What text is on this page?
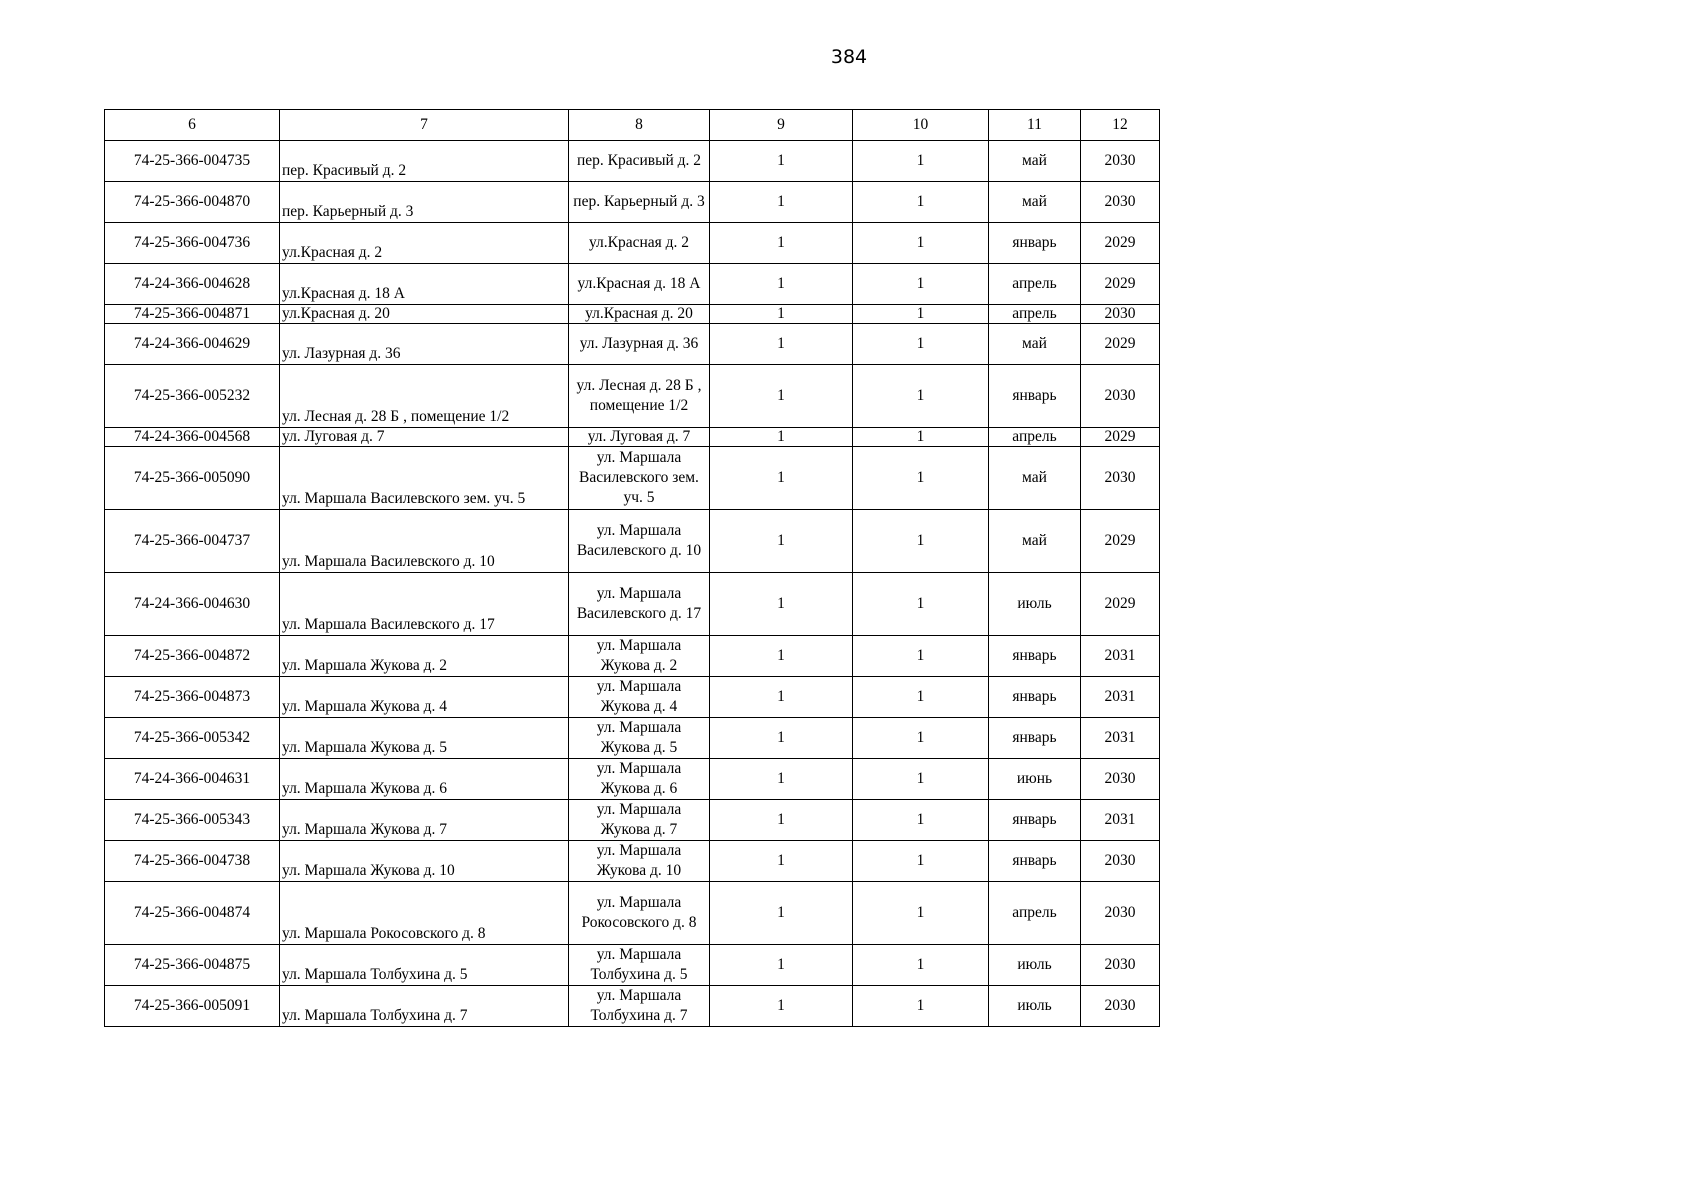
384
6	7	8	9	10	11	12
74-25-366-004735	пер. Красивый д. 2	пер. Красивый д. 2	1	1	май	2030
74-25-366-004870	пер. Карьерный д. 3	пер. Карьерный д. 3	1	1	май	2030
74-25-366-004736	ул.Красная д. 2	ул.Красная д. 2	1	1	январь	2029
74-24-366-004628	ул.Красная д. 18 А	ул.Красная д. 18 А	1	1	апрель	2029
74-25-366-004871	ул.Красная д. 20	ул.Красная д. 20	1	1	апрель	2030
74-24-366-004629	ул. Лазурная д. 36	ул. Лазурная д. 36	1	1	май	2029
74-25-366-005232	ул. Лесная д. 28 Б , помещение 1/2	ул. Лесная д. 28 Б , помещение 1/2	1	1	январь	2030
74-24-366-004568	ул. Луговая д. 7	ул. Луговая д. 7	1	1	апрель	2029
74-25-366-005090	ул. Маршала Василевского зем. уч. 5	ул. Маршала Василевского зем. уч. 5	1	1	май	2030
74-25-366-004737	ул. Маршала Василевского д. 10	ул. Маршала Василевского д. 10	1	1	май	2029
74-24-366-004630	ул. Маршала Василевского д. 17	ул. Маршала Василевского д. 17	1	1	июль	2029
74-25-366-004872	ул. Маршала Жукова д. 2	ул. Маршала Жукова д. 2	1	1	январь	2031
74-25-366-004873	ул. Маршала Жукова д. 4	ул. Маршала Жукова д. 4	1	1	январь	2031
74-25-366-005342	ул. Маршала Жукова д. 5	ул. Маршала Жукова д. 5	1	1	январь	2031
74-24-366-004631	ул. Маршала Жукова д. 6	ул. Маршала Жукова д. 6	1	1	июнь	2030
74-25-366-005343	ул. Маршала Жукова д. 7	ул. Маршала Жукова д. 7	1	1	январь	2031
74-25-366-004738	ул. Маршала Жукова д. 10	ул. Маршала Жукова д. 10	1	1	январь	2030
74-25-366-004874	ул. Маршала Рокосовского д. 8	ул. Маршала Рокосовского д. 8	1	1	апрель	2030
74-25-366-004875	ул. Маршала Толбухина д. 5	ул. Маршала Толбухина д. 5	1	1	июль	2030
74-25-366-005091	ул. Маршала Толбухина д. 7	ул. Маршала Толбухина д. 7	1	1	июль	2030
